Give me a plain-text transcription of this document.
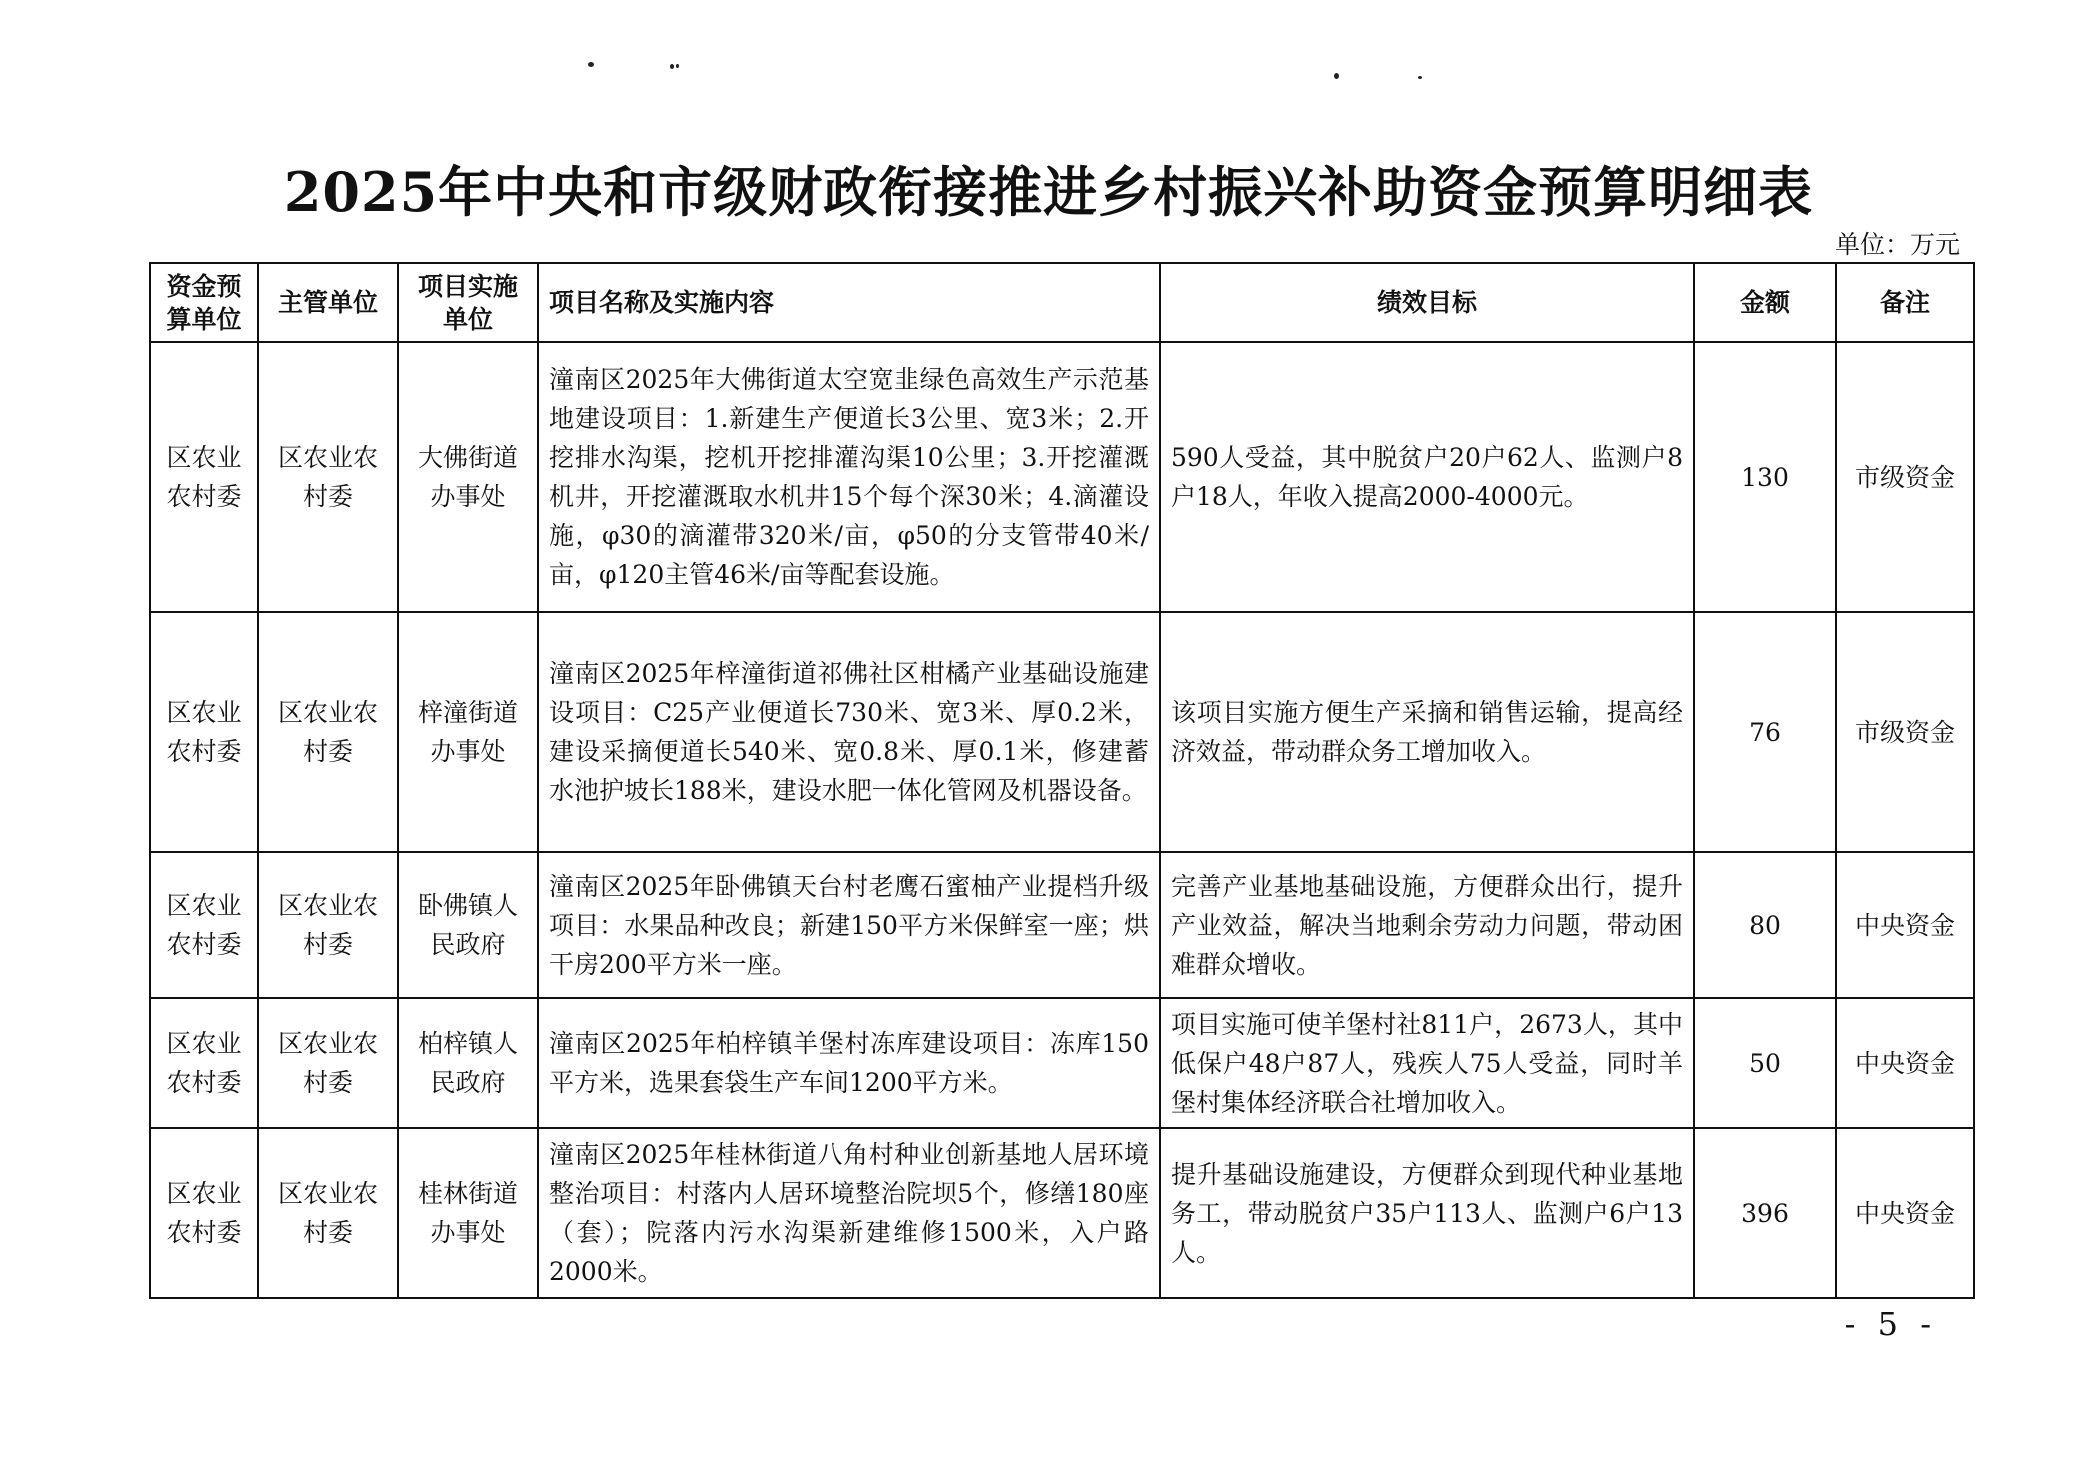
2025年中央和市级财政衔接推进乡村振兴补助资金预算明细表
单位：万元
资金预算单位	主管单位	项目实施单位	项目名称及实施内容	绩效目标	金额	备注
区农业农村委	区农业农村委	大佛街道办事处	潼南区2025年大佛街道太空宽韭绿色高效生产示范基地建设项目：1.新建生产便道长3公里、宽3米；2.开挖排水沟渠，挖机开挖排灌沟渠10公里；3.开挖灌溉机井，开挖灌溉取水机井15个每个深30米；4.滴灌设施，φ30的滴灌带320米/亩，φ50的分支管带40米/亩，φ120主管46米/亩等配套设施。	590人受益，其中脱贫户20户62人、监测户8户18人，年收入提高2000-4000元。	130	市级资金
区农业农村委	区农业农村委	梓潼街道办事处	潼南区2025年梓潼街道祁佛社区柑橘产业基础设施建设项目：C25产业便道长730米、宽3米、厚0.2米，建设采摘便道长540米、宽0.8米、厚0.1米，修建蓄水池护坡长188米，建设水肥一体化管网及机器设备。	该项目实施方便生产采摘和销售运输，提高经济效益，带动群众务工增加收入。	76	市级资金
区农业农村委	区农业农村委	卧佛镇人民政府	潼南区2025年卧佛镇天台村老鹰石蜜柚产业提档升级项目：水果品种改良；新建150平方米保鲜室一座；烘干房200平方米一座。	完善产业基地基础设施，方便群众出行，提升产业效益，解决当地剩余劳动力问题，带动困难群众增收。	80	中央资金
区农业农村委	区农业农村委	柏梓镇人民政府	潼南区2025年柏梓镇羊堡村冻库建设项目：冻库150平方米，选果套袋生产车间1200平方米。	项目实施可使羊堡村社811户，2673人，其中低保户48户87人，残疾人75人受益，同时羊堡村集体经济联合社增加收入。	50	中央资金
区农业农村委	区农业农村委	桂林街道办事处	潼南区2025年桂林街道八角村种业创新基地人居环境整治项目：村落内人居环境整治院坝5个，修缮180座（套）；院落内污水沟渠新建维修1500米，入户路2000米。	提升基础设施建设，方便群众到现代种业基地务工，带动脱贫户35户113人、监测户6户13人。	396	中央资金
- 5 -
